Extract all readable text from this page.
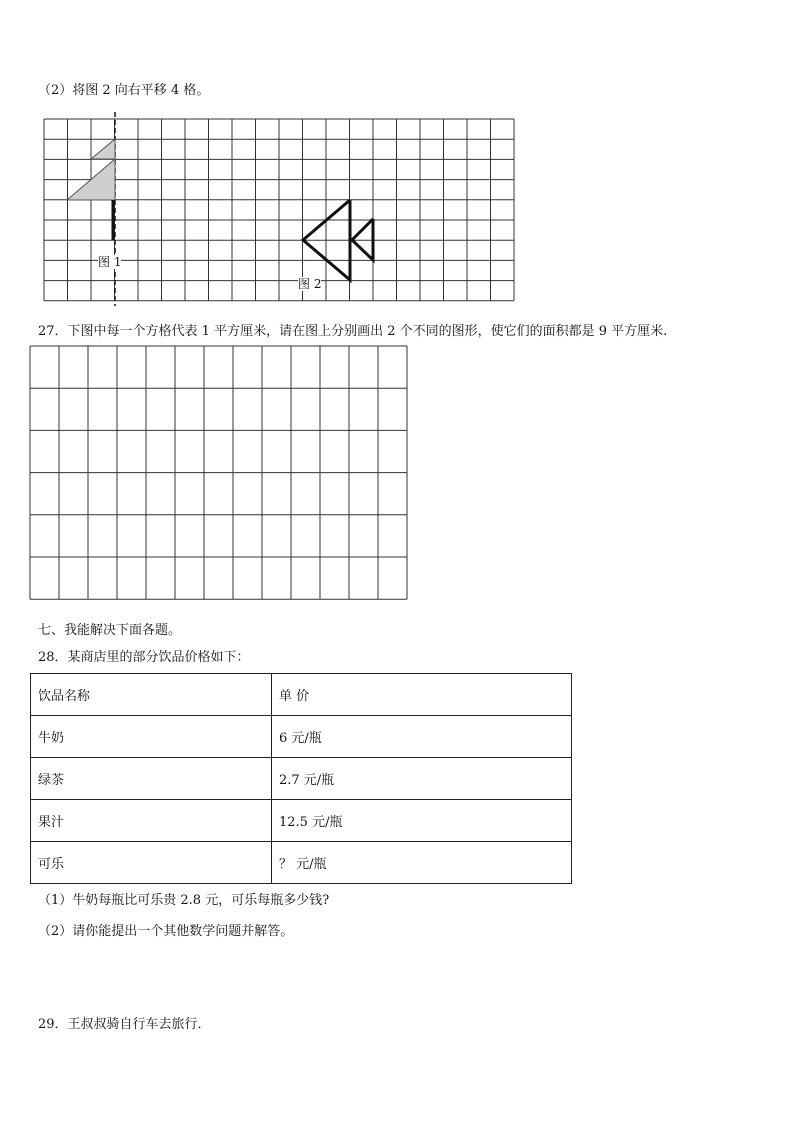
（2）将图 2 向右平移 4 格。
图 1
图 2
27．下图中每一个方格代表 1 平方厘米，请在图上分别画出 2 个不同的图形，使它们的面积都是 9 平方厘米.
七、我能解决下面各题。
28．某商店里的部分饮品价格如下：
饮品名称	单 价
牛奶	6 元/瓶
绿茶	2.7 元/瓶
果汁	12.5 元/瓶
可乐	？ 元/瓶
（1）牛奶每瓶比可乐贵 2.8 元，可乐每瓶多少钱?
（2）请你能提出一个其他数学问题并解答。
29．王叔叔骑自行车去旅行．
